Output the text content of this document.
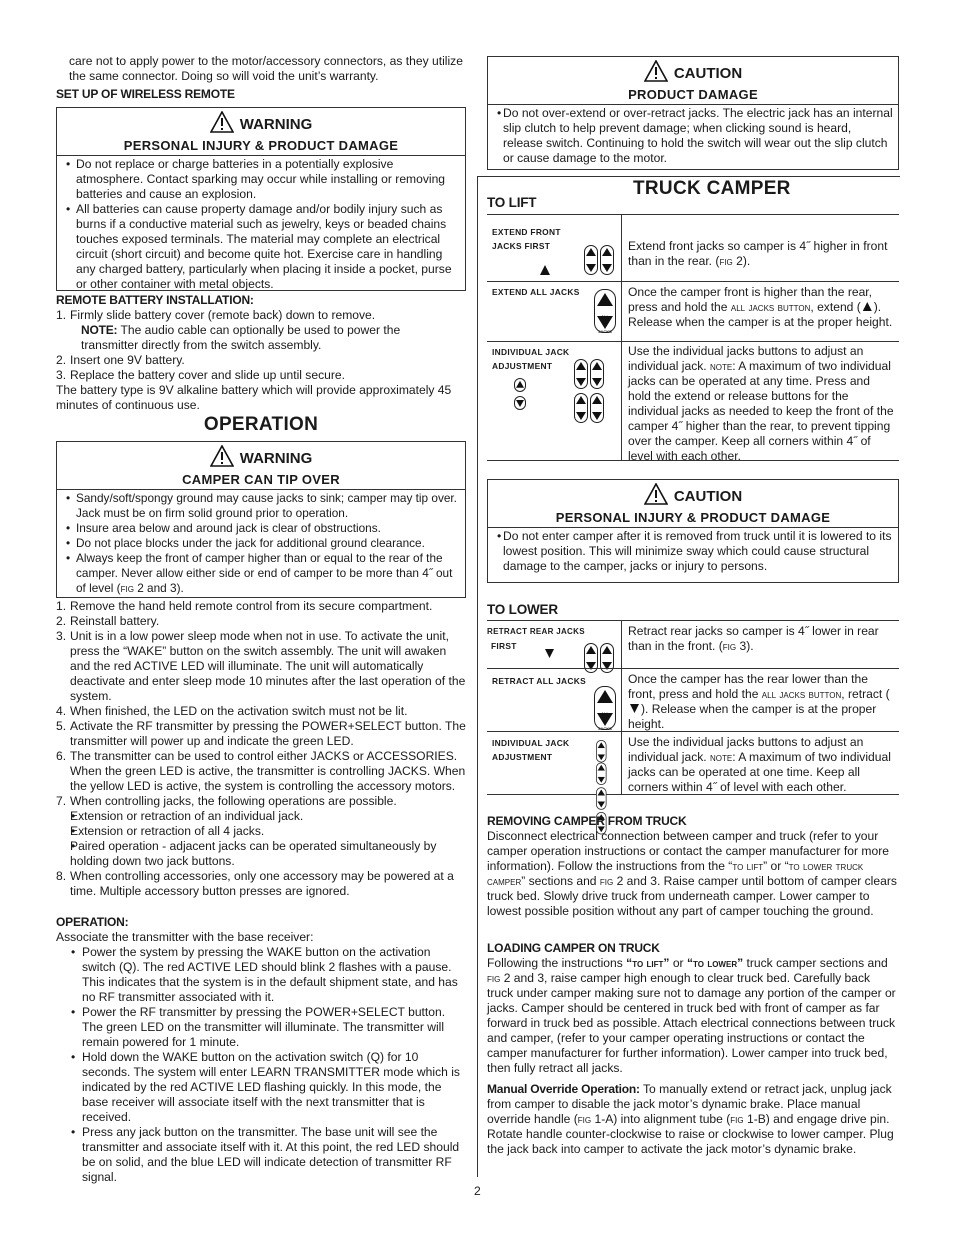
care not to apply power to the motor/accessory connectors, as they utilize the same connector. Doing so will void the unit’s warranty.

SET UP OF WIRELESS REMOTE
WARNING
PERSONAL INJURY & PRODUCT DAMAGE
• Do not replace or charge batteries in a potentially explosive atmosphere. Contact sparking may occur while installing or removing batteries and cause an explosion.
• All batteries can cause property damage and/or bodily injury such as burns if a conductive material such as jewelry, keys or beaded chains touches exposed terminals. The material may complete an electrical circuit (short circuit) and become quite hot. Exercise care in handling any charged battery, particularly when placing it inside a pocket, purse or other container with metal objects.
REMOTE BATTERY INSTALLATION:
1. Firmly slide battery cover (remote back) down to remove.

NOTE: The audio cable can optionally be used to power the transmitter directly from the switch assembly.

2. Insert one 9V battery.
3. Replace the battery cover and slide up until secure.

The battery type is 9V alkaline battery which will provide approximately 45 minutes of continuous use.

OPERATION
WARNING
CAMPER CAN TIP OVER
• Sandy/soft/spongy ground may cause jacks to sink; camper may tip over. Jack must be on firm solid ground prior to operation.
• Insure area below and around jack is clear of obstructions.
• Do not place blocks under the jack for additional ground clearance.
• Always keep the front of camper higher than or equal to the rear of the camper. Never allow either side or end of camper to be more than 4˝ out of level (fig 2 and 3).
1. Remove the hand held remote control from its secure compartment.
2. Reinstall battery.
3. Unit is in a low power sleep mode when not in use. To activate the unit, press the “WAKE” button on the switch assembly. The unit will awaken and the red ACTIVE LED will illuminate. The unit will automatically deactivate and enter sleep mode 10 minutes after the last operation of the system.
4. When finished, the LED on the activation switch must not be lit.
5. Activate the RF transmitter by pressing the POWER+SELECT button. The transmitter will power up and indicate the green LED.
6. The transmitter can be used to control either JACKS or ACCESSORIES. When the green LED is active, the transmitter is controlling JACKS. When the yellow LED is active, the system is controlling the accessory motors.
7. When controlling jacks, the following operations are possible.
• Extension or retraction of an individual jack.
• Extension or retraction of all 4 jacks.
• Paired operation - adjacent jacks can be operated simultaneously by holding down two jack buttons.
8. When controlling accessories, only one accessory may be powered at a time. Multiple accessory button presses are ignored.
OPERATION:

Associate the transmitter with the base receiver:

• Power the system by pressing the WAKE button on the activation switch (Q). The red ACTIVE LED should blink 2 flashes with a pause. This indicates that the system is in the default shipment state, and has no RF transmitter associated with it.
• Power the RF transmitter by pressing the POWER+SELECT button. The green LED on the transmitter will illuminate. The transmitter will remain powered for 1 minute.
• Hold down the WAKE button on the activation switch (Q) for 10 seconds. The system will enter LEARN TRANSMITTER mode which is indicated by the red ACTIVE LED flashing quickly. In this mode, the base receiver will associate itself with the next transmitter that is received.
• Press any jack button on the transmitter. The base unit will see the transmitter and associate itself with it. At this point, the red LED should be on solid, and the blue LED will indicate detection of transmitter RF signal.
CAUTION
PRODUCT DAMAGE
• Do not over-extend or over-retract jacks. The electric jack has an internal slip clutch to help prevent damage; when clicking sound is heard, release switch. Continuing to hold the switch will wear out the slip clutch or cause damage to the motor.
TRUCK CAMPER
TO LIFT
EXTEND FRONT
JACKS FIRST	Extend front jacks so camper is 4˝ higher in front than in the rear. (fig 2).
EXTEND ALL JACKS
JACKS
Once the camper front is higher than the rear, press and hold the all jacks button, extend ( ). Release when the camper is at the proper height.
INDIVIDUAL JACK
ADJUSTMENT

Use the individual jacks buttons to adjust an individual jack. note: A maximum of two individual jacks can be operated at any time. Press and hold the extend or release buttons for the individual jacks as needed to keep the front of the camper 4˝ higher than the rear, to prevent tipping over the camper. Keep all corners within 4˝ of level with each other.
CAUTION
PERSONAL INJURY & PRODUCT DAMAGE
• Do not enter camper after it is removed from truck until it is lowered to its lowest position. This will minimize sway which could cause structural damage to the camper, jacks or injury to persons.
TO LOWER
RETRACT REAR JACKS
FIRST
Retract rear jacks so camper is 4˝ lower in rear than in the front. (fig 3).
RETRACT ALL JACKS
JACKS
Once the camper has the rear lower than the front, press and hold the all jacks button, retract (). Release when the camper is at the proper height.
INDIVIDUAL JACK
ADJUSTMENT

Use the individual jacks buttons to adjust an individual jack. note: A maximum of two individual jacks can be operated at one time. Keep all corners within 4˝ of level with each other.
REMOVING CAMPER FROM TRUCK

Disconnect electrical connection between camper and truck (refer to your camper operation instructions or contact the camper manufacturer for more information). Follow the instructions from the “to lift” or “to lower truck camper” sections and fig 2 and 3. Raise camper until bottom of camper clears truck bed. Slowly drive truck from underneath camper. Lower camper to lowest possible position without any part of camper touching the ground.

LOADING CAMPER ON TRUCK

Following the instructions “to lift” or “to lower” truck camper sections and fig 2 and 3, raise camper high enough to clear truck bed. Carefully back truck under camper making sure not to damage any portion of the camper or jacks. Camper should be centered in truck bed with front of camper as far forward in truck bed as possible. Attach electrical connections between truck and camper, (refer to your camper operating instructions or contact the camper manufacturer for further information). Lower camper into truck bed, then fully retract all jacks.

Manual Override Operation: To manually extend or retract jack, unplug jack from camper to disable the jack motor’s dynamic brake. Place manual override handle (fig 1-A) into alignment tube (fig 1-B) and engage drive pin. Rotate handle counter-clockwise to raise or clockwise to lower camper. Plug the jack back into camper to activate the jack motor’s dynamic brake.

2
